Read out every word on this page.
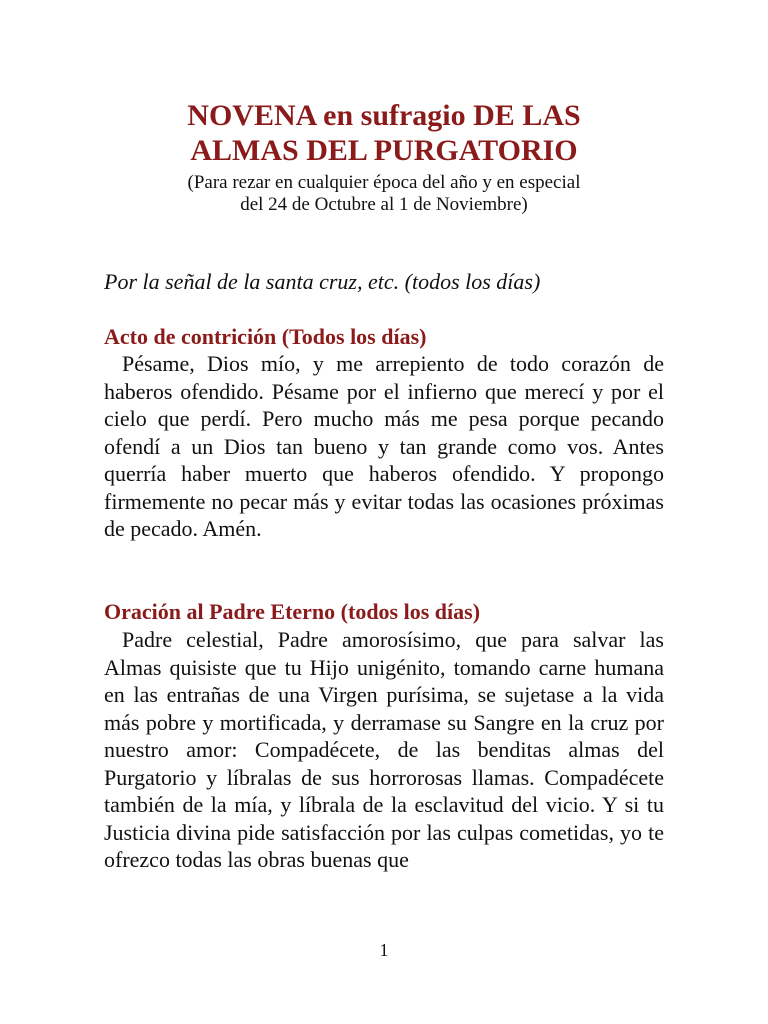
NOVENA en sufragio DE LAS
ALMAS DEL PURGATORIO
(Para rezar en cualquier época del año y en especial
del 24 de Octubre al 1 de Noviembre)
Por la señal de la santa cruz, etc. (todos los días)
Acto de contrición (Todos los días)
Pésame, Dios mío, y me arrepiento de todo corazón de haberos ofendido. Pésame por el infierno que merecí y por el cielo que perdí. Pero mucho más me pesa porque pecando ofendí a un Dios tan bueno y tan grande como vos. Antes querría haber muerto que haberos ofendido. Y propongo firmemente no pecar más y evitar todas las ocasiones próximas de pecado. Amén.
Oración al Padre Eterno (todos los días)
Padre celestial, Padre amorosísimo, que para salvar las Almas quisiste que tu Hijo unigénito, tomando carne humana en las entrañas de una Virgen purísima, se sujetase a la vida más pobre y mortificada, y derramase su Sangre en la cruz por nuestro amor: Compadécete, de las benditas almas del Purgatorio y líbralas de sus horrorosas llamas. Compadécete también de la mía, y líbrala de la esclavitud del vicio. Y si tu Justicia divina pide satisfacción por las culpas cometidas, yo te ofrezco todas las obras buenas que
1
